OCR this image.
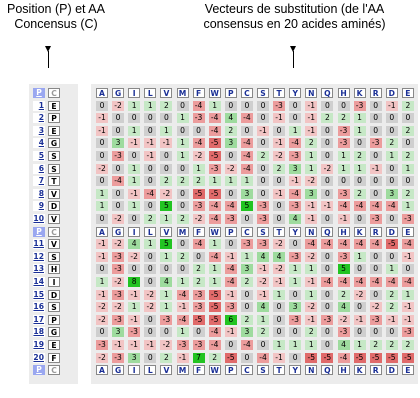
Position (P) et AA
Concensus (C)
Vecteurs de substitution (de l'AA
consensus en 20 acides aminés)
P	C
1 E
2 P
3 E
4 G
5 S
6 S
7 T
8 V
9 D
10 V
P	C
11 V
12 S
13 H
14	I
15 D
16 S
17 P
18 G
19 E
20 F
P	C
A	G	I	L	V	M	F	W	P	C	S	T	Y	N	Q	H	K	R	D	E
0	-2	1	1	2	0	-4	1	0	0	0	-3	0	-1	0	0	-3	0	-1	2
-1	0	0	0	0	1	-3 -4	4	-4	0	-1	0	-1	2	2	1	0	0	0
-1	0	1	0	1	0	0	-4	2	0	-1	0	1	-1	0	-3	1	0	0	2
0	3	-1 -1 -1	1	-4 -5	3	-4	0	-1 -4	2	0	-3	0	-3	2	0
0	-3	0	-1	0	1	-2 -5	0	-4	2	-2 -3	1	0	1	2	0	1	2
-2	0	1	0	0	0	1	-3 -2 -4	0	2	3	1	-2	1	1	-1	0	1
0	-4	1	0	2	2	2	1	1	1	0	0	-1 -2	0	0	0	0	0	0
1	0	-1 -4 -2	0	-5 -5	0	3	0	-1 -4	3	0	-3	2	0	3	2
1	0	1	0	5	0	-3 -4 -4	5	-3	0	-3 -1 -1 -4 -4 -4 -4	1
0	-2	0	2	1	2	-2 -4 -3	0	-3	0	4	-1	0	-1	0	-3	0	-3
A	G	I	L	V	M	F	W	P	C	S	T	Y	N	Q	H	K	R	D	E
-1 -2	4	1	5	0	-4	1	0	-3 -3 -2	0	-4 -4 -4 -4 -4 -5 -4
-1 -3 -2	0	1	2	0	-4 -1	1	4	4	-3 -2	0	-3	1	0	0	-1
0	-3	0	0	0	0	2	1	-4	3	-1 -2	1	1	0	5	0	0	1	0
1	-2	8	0	4	1	2	1	-4	2	-2 -1	1	-1 -4 -4 -4 -4 -4 -4
-1 -3 -1 -2	1	-4 -3 -5 -1	0	-1	1	0	1	0	2	-2	0	2	1
-2 -2	1	-2	1	-1 -3 -5 -3	0	4	0	3	-2	0	4	0	-2	2	-1
-2 -3 -1	0	-3 -4 -5 -5	6	2	1	0	-3 -1 -3 -2 -1 -3 -1 -1
0	3	-3	0	0	1	0	-4 -1	3	2	0	0	2	0	-3	0	0	0	-3
-3 -1 -1 -1 -2 -3 -3 -4	0	-4	0	1	1	1	0	4	1	2	2	2
-2 -3	3	0	2	-1	7	2	-5	0	-4 -1	0	-5 -5 -4 -5 -5 -5 -5
A	G	I	L	V	M	F	W	P	C	S	T	Y	N	Q	H	K	R	D	E
